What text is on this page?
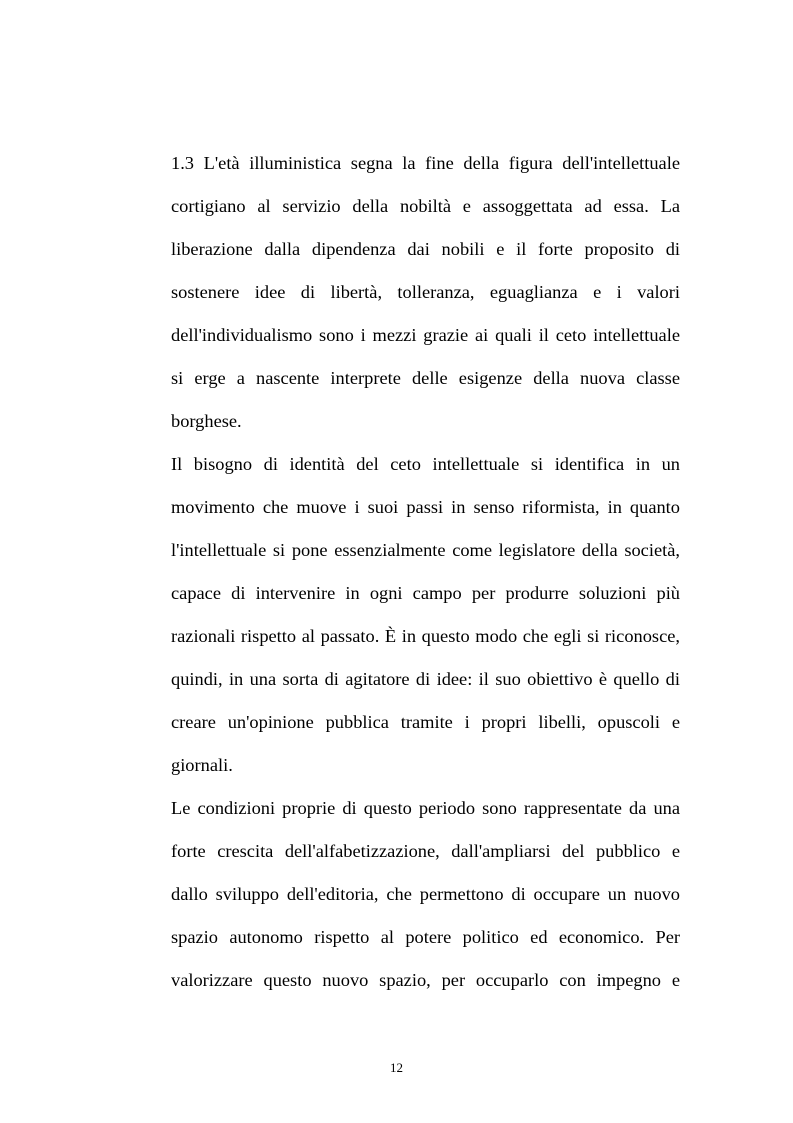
1.3 L'età illuministica segna la fine della figura dell'intellettuale
cortigiano al servizio della nobiltà e assoggettata ad essa. La
liberazione dalla dipendenza dai nobili e il forte proposito di
sostenere idee di libertà, tolleranza, eguaglianza e i valori
dell'individualismo sono i mezzi grazie ai quali il ceto intellettuale
si erge a nascente interprete delle esigenze della nuova classe
borghese.
Il bisogno di identità del ceto intellettuale si identifica in un
movimento che muove i suoi passi in senso riformista, in quanto
l'intellettuale si pone essenzialmente come legislatore della società,
capace di intervenire in ogni campo per produrre soluzioni più
razionali rispetto al passato. È in questo modo che egli si riconosce,
quindi, in una sorta di agitatore di idee: il suo obiettivo è quello di
creare un'opinione pubblica tramite i propri libelli, opuscoli e
giornali.
Le condizioni proprie di questo periodo sono rappresentate da una
forte crescita dell'alfabetizzazione, dall'ampliarsi del pubblico e
dallo sviluppo dell'editoria, che permettono di occupare un nuovo
spazio autonomo rispetto al potere politico ed economico. Per
valorizzare questo nuovo spazio, per occuparlo con impegno e
12
